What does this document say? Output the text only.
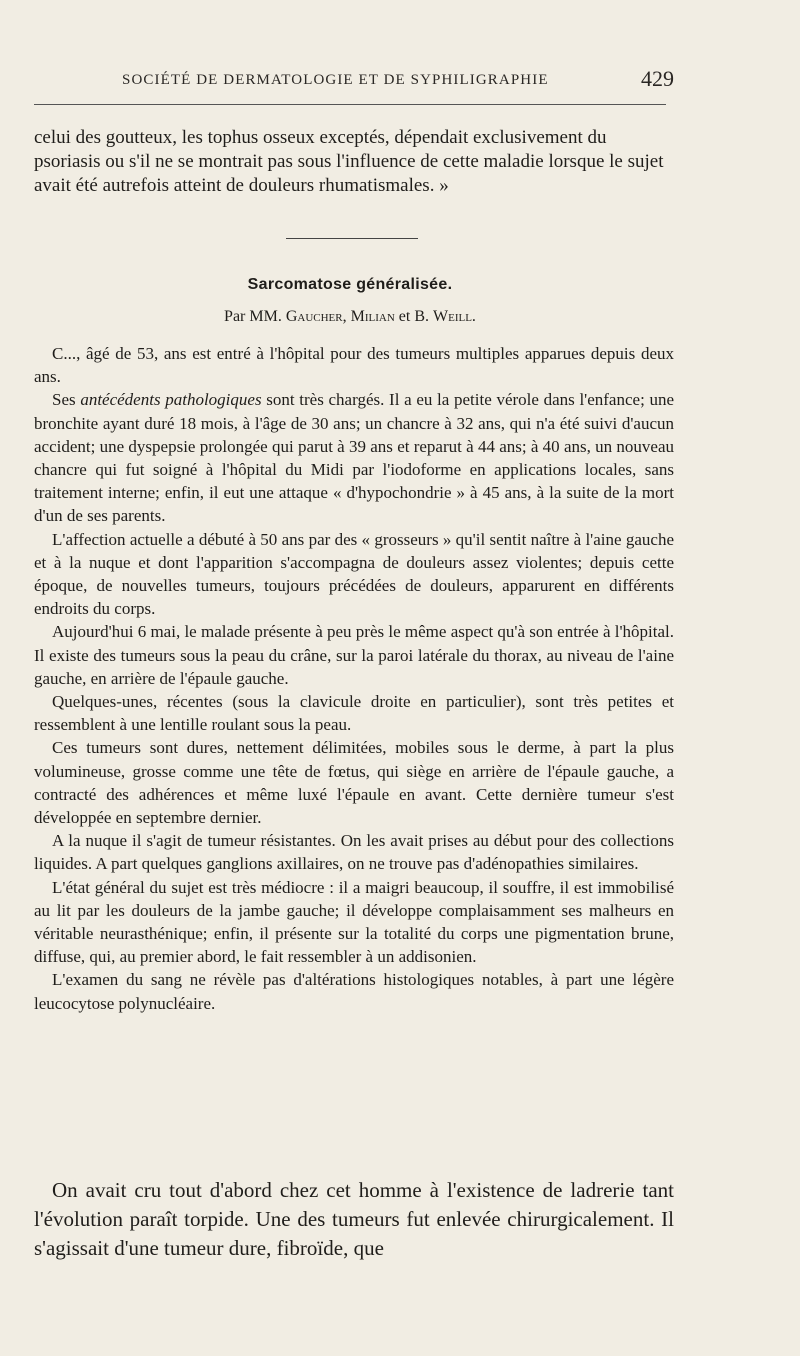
SOCIÉTÉ DE DERMATOLOGIE ET DE SYPHILIGRAPHIE	429

celui des goutteux, les tophus osseux exceptés, dépendait exclusivement du psoriasis ou s'il ne se montrait pas sous l'influence de cette maladie lorsque le sujet avait été autrefois atteint de douleurs rhumatismales. »

Sarcomatose généralisée.
Par MM. Gaucher, Milian et B. Weill.

C..., âgé de 53, ans est entré à l'hôpital pour des tumeurs multiples apparues depuis deux ans.

Ses antécédents pathologiques sont très chargés. Il a eu la petite vérole dans l'enfance; une bronchite ayant duré 18 mois, à l'âge de 30 ans; un chancre à 32 ans, qui n'a été suivi d'aucun accident; une dyspepsie prolongée qui parut à 39 ans et reparut à 44 ans; à 40 ans, un nouveau chancre qui fut soigné à l'hôpital du Midi par l'iodoforme en applications locales, sans traitement interne; enfin, il eut une attaque « d'hypochondrie » à 45 ans, à la suite de la mort d'un de ses parents.

L'affection actuelle a débuté à 50 ans par des « grosseurs » qu'il sentit naître à l'aine gauche et à la nuque et dont l'apparition s'accompagna de douleurs assez violentes; depuis cette époque, de nouvelles tumeurs, toujours précédées de douleurs, apparurent en différents endroits du corps.

Aujourd'hui 6 mai, le malade présente à peu près le même aspect qu'à son entrée à l'hôpital. Il existe des tumeurs sous la peau du crâne, sur la paroi latérale du thorax, au niveau de l'aine gauche, en arrière de l'épaule gauche.

Quelques-unes, récentes (sous la clavicule droite en particulier), sont très petites et ressemblent à une lentille roulant sous la peau.

Ces tumeurs sont dures, nettement délimitées, mobiles sous le derme, à part la plus volumineuse, grosse comme une tête de fœtus, qui siège en arrière de l'épaule gauche, a contracté des adhérences et même luxé l'épaule en avant. Cette dernière tumeur s'est développée en septembre dernier.

A la nuque il s'agit de tumeur résistantes. On les avait prises au début pour des collections liquides. A part quelques ganglions axillaires, on ne trouve pas d'adénopathies similaires.

L'état général du sujet est très médiocre : il a maigri beaucoup, il souffre, il est immobilisé au lit par les douleurs de la jambe gauche; il développe complaisamment ses malheurs en véritable neurasthénique; enfin, il présente sur la totalité du corps une pigmentation brune, diffuse, qui, au premier abord, le fait ressembler à un addisonien.

L'examen du sang ne révèle pas d'altérations histologiques notables, à part une légère leucocytose polynucléaire.

On avait cru tout d'abord chez cet homme à l'existence de ladrerie tant l'évolution paraît torpide. Une des tumeurs fut enlevée chirurgicalement. Il s'agissait d'une tumeur dure, fibroïde, que
